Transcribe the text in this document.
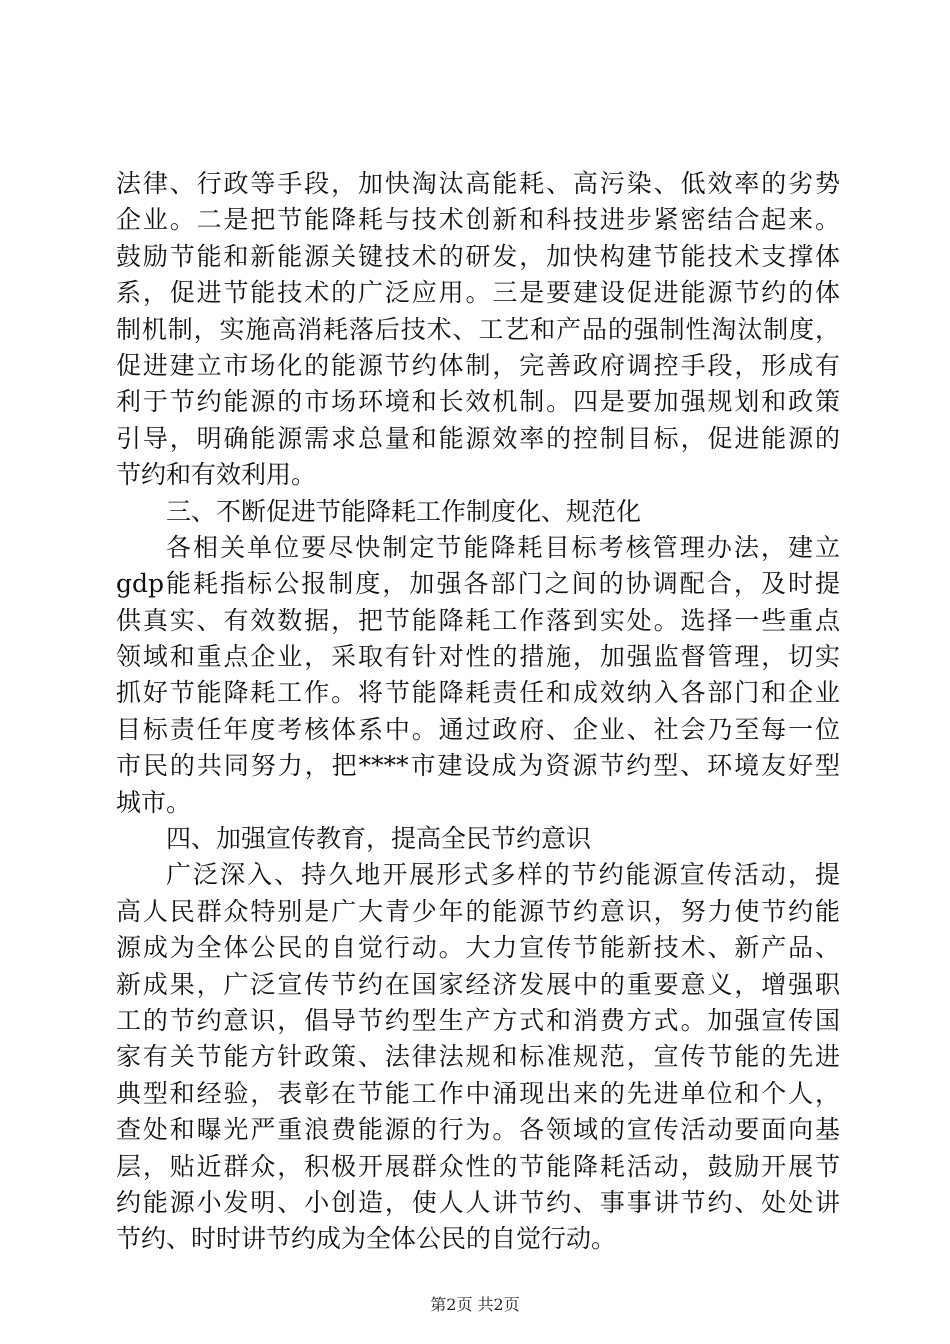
法律、行政等手段，加快淘汰高能耗、高污染、低效率的劣势
企业。二是把节能降耗与技术创新和科技进步紧密结合起来。
鼓励节能和新能源关键技术的研发，加快构建节能技术支撑体
系，促进节能技术的广泛应用。三是要建设促进能源节约的体
制机制，实施高消耗落后技术、工艺和产品的强制性淘汰制度，
促进建立市场化的能源节约体制，完善政府调控手段，形成有
利于节约能源的市场环境和长效机制。四是要加强规划和政策
引导，明确能源需求总量和能源效率的控制目标，促进能源的
节约和有效利用。
三、不断促进节能降耗工作制度化、规范化
各相关单位要尽快制定节能降耗目标考核管理办法，建立
gdp能耗指标公报制度，加强各部门之间的协调配合，及时提
供真实、有效数据，把节能降耗工作落到实处。选择一些重点
领域和重点企业，采取有针对性的措施，加强监督管理，切实
抓好节能降耗工作。将节能降耗责任和成效纳入各部门和企业
目标责任年度考核体系中。通过政府、企业、社会乃至每一位
市民的共同努力，把****市建设成为资源节约型、环境友好型
城市。
四、加强宣传教育，提高全民节约意识
广泛深入、持久地开展形式多样的节约能源宣传活动，提
高人民群众特别是广大青少年的能源节约意识，努力使节约能
源成为全体公民的自觉行动。大力宣传节能新技术、新产品、
新成果，广泛宣传节约在国家经济发展中的重要意义，增强职
工的节约意识，倡导节约型生产方式和消费方式。加强宣传国
家有关节能方针政策、法律法规和标准规范，宣传节能的先进
典型和经验，表彰在节能工作中涌现出来的先进单位和个人，
查处和曝光严重浪费能源的行为。各领域的宣传活动要面向基
层，贴近群众，积极开展群众性的节能降耗活动，鼓励开展节
约能源小发明、小创造，使人人讲节约、事事讲节约、处处讲
节约、时时讲节约成为全体公民的自觉行动。
第2页 共2页
